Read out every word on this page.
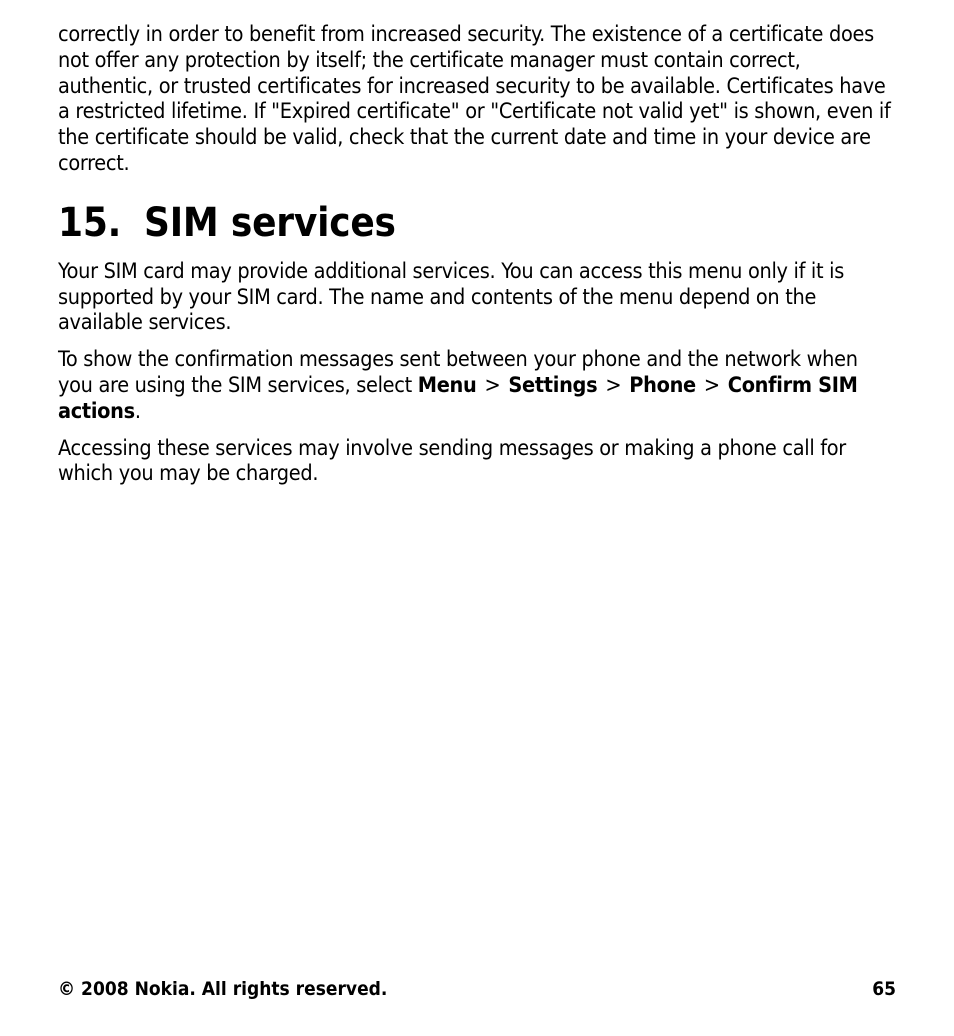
correctly in order to benefit from increased security. The existence of a certificate does not offer any protection by itself; the certificate manager must contain correct, authentic, or trusted certificates for increased security to be available. Certificates have a restricted lifetime. If "Expired certificate" or "Certificate not valid yet" is shown, even if the certificate should be valid, check that the current date and time in your device are correct.

15. SIM services

Your SIM card may provide additional services. You can access this menu only if it is supported by your SIM card. The name and contents of the menu depend on the available services.

To show the confirmation messages sent between your phone and the network when you are using the SIM services, select Menu > Settings > Phone > Confirm SIM actions.

Accessing these services may involve sending messages or making a phone call for which you may be charged.

© 2008 Nokia. All rights reserved.	65
